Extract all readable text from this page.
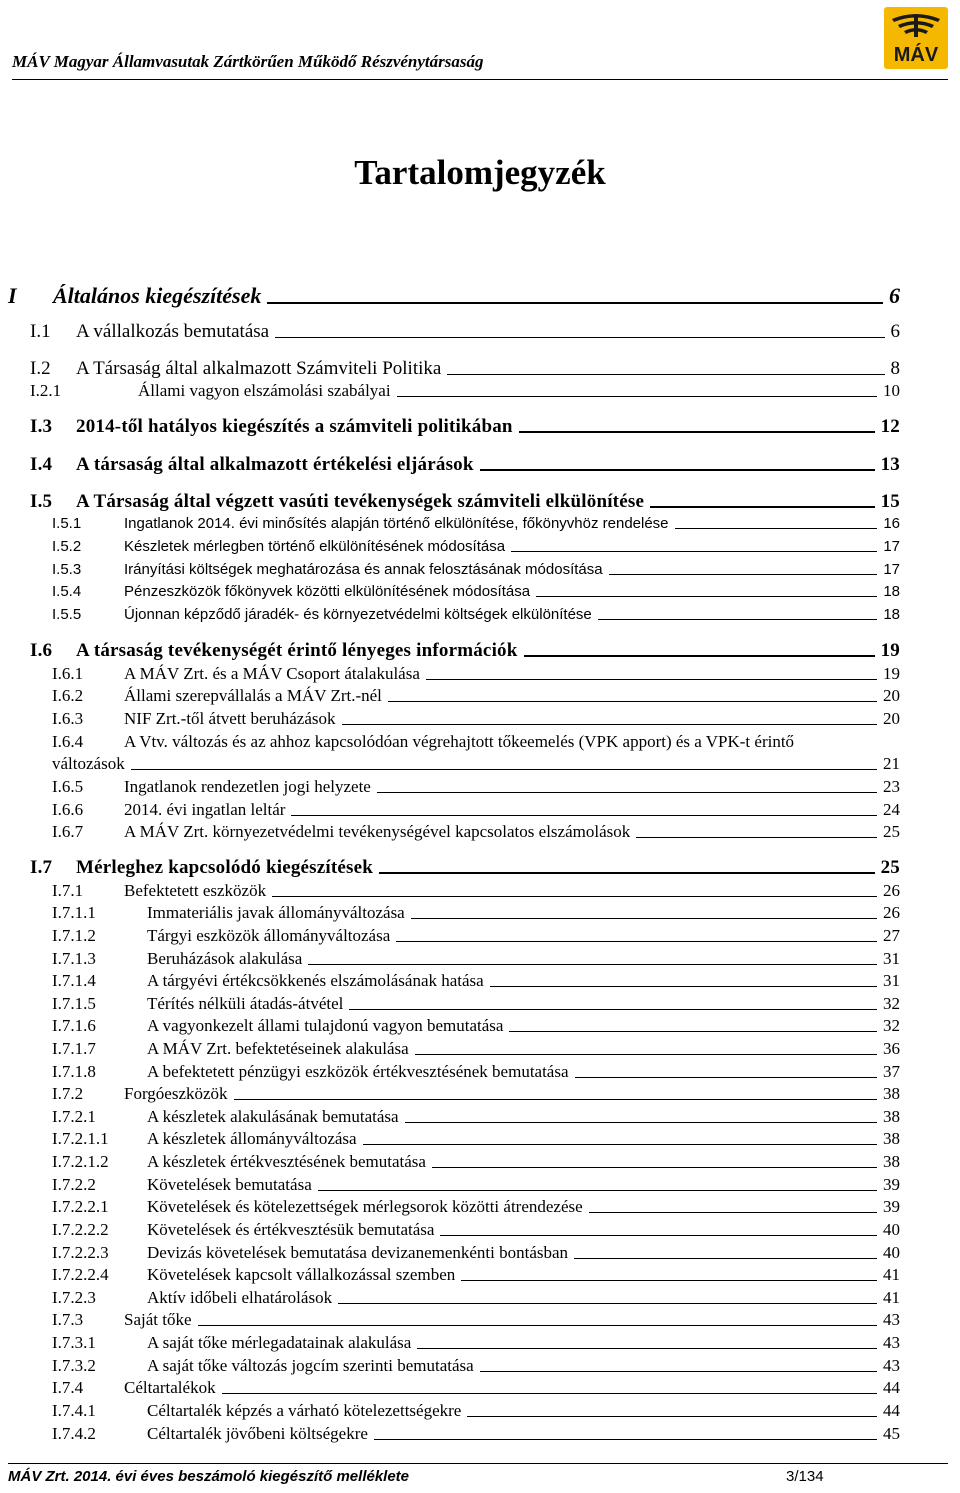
MÁV Magyar Államvasutak Zártkörűen Működő Részvénytársaság	MÁV
Tartalomjegyzék
I	Általános kiegészítések	6
I.1	A vállalkozás bemutatása	6
I.2	A Társaság által alkalmazott Számviteli Politika	8
I.2.1	Állami vagyon elszámolási szabályai	10
I.3	2014-től hatályos kiegészítés a számviteli politikában	12
I.4	A társaság által alkalmazott értékelési eljárások	13
I.5	A Társaság által végzett vasúti tevékenységek számviteli elkülönítése	15
I.5.1	Ingatlanok 2014. évi minősítés alapján történő elkülönítése, főkönyvhöz rendelése	16
I.5.2	Készletek mérlegben történő elkülönítésének módosítása	17
I.5.3	Irányítási költségek meghatározása és annak felosztásának módosítása	17
I.5.4	Pénzeszközök főkönyvek közötti elkülönítésének módosítása	18
I.5.5	Újonnan képződő járadék- és környezetvédelmi költségek elkülönítése	18
I.6	A társaság tevékenységét érintő lényeges információk	19
I.6.1	A MÁV Zrt. és a MÁV Csoport átalakulása	19
I.6.2	Állami szerepvállalás a MÁV Zrt.-nél	20
I.6.3	NIF Zrt.-től átvett beruházások	20
I.6.4	A Vtv. változás és az ahhoz kapcsolódóan végrehajtott tőkeemelés (VPK apport) és a VPK-t érintő
változások	21
I.6.5	Ingatlanok rendezetlen jogi helyzete	23
I.6.6	2014. évi ingatlan leltár	24
I.6.7	A MÁV Zrt. környezetvédelmi tevékenységével kapcsolatos elszámolások	25
I.7	Mérleghez kapcsolódó kiegészítések	25
I.7.1	Befektetett eszközök	26
I.7.1.1	Immateriális javak állományváltozása	26
I.7.1.2	Tárgyi eszközök állományváltozása	27
I.7.1.3	Beruházások alakulása	31
I.7.1.4	A tárgyévi értékcsökkenés elszámolásának hatása	31
I.7.1.5	Térítés nélküli átadás-átvétel	32
I.7.1.6	A vagyonkezelt állami tulajdonú vagyon bemutatása	32
I.7.1.7	A MÁV Zrt. befektetéseinek alakulása	36
I.7.1.8	A befektetett pénzügyi eszközök értékvesztésének bemutatása	37
I.7.2	Forgóeszközök	38
I.7.2.1	A készletek alakulásának bemutatása	38
I.7.2.1.1	A készletek állományváltozása	38
I.7.2.1.2	A készletek értékvesztésének bemutatása	38
I.7.2.2	Követelések bemutatása	39
I.7.2.2.1	Követelések és kötelezettségek mérlegsorok közötti átrendezése	39
I.7.2.2.2	Követelések és értékvesztésük bemutatása	40
I.7.2.2.3	Devizás követelések bemutatása devizanemenkénti bontásban	40
I.7.2.2.4	Követelések kapcsolt vállalkozással szemben	41
I.7.2.3	Aktív időbeli elhatárolások	41
I.7.3	Saját tőke	43
I.7.3.1	A saját tőke mérlegadatainak alakulása	43
I.7.3.2	A saját tőke változás jogcím szerinti bemutatása	43
I.7.4	Céltartalékok	44
I.7.4.1	Céltartalék képzés a várható kötelezettségekre	44
I.7.4.2	Céltartalék jövőbeni költségekre	45
MÁV Zrt. 2014. évi éves beszámoló kiegészítő melléklete	3/134
